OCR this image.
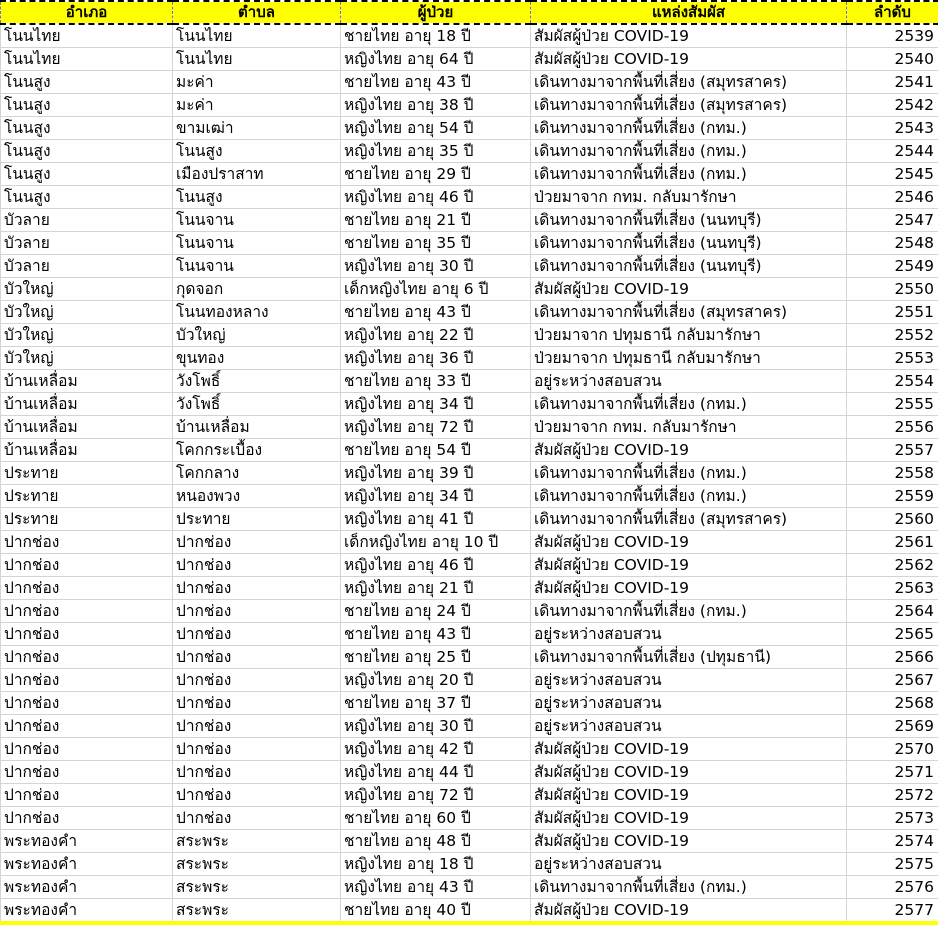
อำเภอ	ตำบล	ผู้ป่วย	แหล่งสัมผัส	ลำดับ
โนนไทย	โนนไทย	ชายไทย อายุ 18 ปี	สัมผัสผู้ป่วย COVID-19	2539
โนนไทย	โนนไทย	หญิงไทย อายุ 64 ปี	สัมผัสผู้ป่วย COVID-19	2540
โนนสูง	มะค่า	ชายไทย อายุ 43 ปี	เดินทางมาจากพื้นที่เสี่ยง (สมุทรสาคร)	2541
โนนสูง	มะค่า	หญิงไทย อายุ 38 ปี	เดินทางมาจากพื้นที่เสี่ยง (สมุทรสาคร)	2542
โนนสูง	ขามเฒ่า	หญิงไทย อายุ 54 ปี	เดินทางมาจากพื้นที่เสี่ยง (กทม.)	2543
โนนสูง	โนนสูง	หญิงไทย อายุ 35 ปี	เดินทางมาจากพื้นที่เสี่ยง (กทม.)	2544
โนนสูง	เมืองปราสาท	ชายไทย อายุ 29 ปี	เดินทางมาจากพื้นที่เสี่ยง (กทม.)	2545
โนนสูง	โนนสูง	หญิงไทย อายุ 46 ปี	ป่วยมาจาก กทม. กลับมารักษา	2546
บัวลาย	โนนจาน	ชายไทย อายุ 21 ปี	เดินทางมาจากพื้นที่เสี่ยง (นนทบุรี)	2547
บัวลาย	โนนจาน	ชายไทย อายุ 35 ปี	เดินทางมาจากพื้นที่เสี่ยง (นนทบุรี)	2548
บัวลาย	โนนจาน	หญิงไทย อายุ 30 ปี	เดินทางมาจากพื้นที่เสี่ยง (นนทบุรี)	2549
บัวใหญ่	กุดจอก	เด็กหญิงไทย อายุ 6 ปี	สัมผัสผู้ป่วย COVID-19	2550
บัวใหญ่	โนนทองหลาง	ชายไทย อายุ 43 ปี	เดินทางมาจากพื้นที่เสี่ยง (สมุทรสาคร)	2551
บัวใหญ่	บัวใหญ่	หญิงไทย อายุ 22 ปี	ป่วยมาจาก ปทุมธานี กลับมารักษา	2552
บัวใหญ่	ขุนทอง	หญิงไทย อายุ 36 ปี	ป่วยมาจาก ปทุมธานี กลับมารักษา	2553
บ้านเหลื่อม	วังโพธิ์	ชายไทย อายุ 33 ปี	อยู่ระหว่างสอบสวน	2554
บ้านเหลื่อม	วังโพธิ์	หญิงไทย อายุ 34 ปี	เดินทางมาจากพื้นที่เสี่ยง (กทม.)	2555
บ้านเหลื่อม	บ้านเหลื่อม	หญิงไทย อายุ 72 ปี	ป่วยมาจาก กทม. กลับมารักษา	2556
บ้านเหลื่อม	โคกกระเบื้อง	ชายไทย อายุ 54 ปี	สัมผัสผู้ป่วย COVID-19	2557
ประทาย	โคกกลาง	หญิงไทย อายุ 39 ปี	เดินทางมาจากพื้นที่เสี่ยง (กทม.)	2558
ประทาย	หนองพวง	หญิงไทย อายุ 34 ปี	เดินทางมาจากพื้นที่เสี่ยง (กทม.)	2559
ประทาย	ประทาย	หญิงไทย อายุ 41 ปี	เดินทางมาจากพื้นที่เสี่ยง (สมุทรสาคร)	2560
ปากช่อง	ปากช่อง	เด็กหญิงไทย อายุ 10 ปี	สัมผัสผู้ป่วย COVID-19	2561
ปากช่อง	ปากช่อง	หญิงไทย อายุ 46 ปี	สัมผัสผู้ป่วย COVID-19	2562
ปากช่อง	ปากช่อง	หญิงไทย อายุ 21 ปี	สัมผัสผู้ป่วย COVID-19	2563
ปากช่อง	ปากช่อง	ชายไทย อายุ 24 ปี	เดินทางมาจากพื้นที่เสี่ยง (กทม.)	2564
ปากช่อง	ปากช่อง	ชายไทย อายุ 43 ปี	อยู่ระหว่างสอบสวน	2565
ปากช่อง	ปากช่อง	ชายไทย อายุ 25 ปี	เดินทางมาจากพื้นที่เสี่ยง (ปทุมธานี)	2566
ปากช่อง	ปากช่อง	หญิงไทย อายุ 20 ปี	อยู่ระหว่างสอบสวน	2567
ปากช่อง	ปากช่อง	ชายไทย อายุ 37 ปี	อยู่ระหว่างสอบสวน	2568
ปากช่อง	ปากช่อง	หญิงไทย อายุ 30 ปี	อยู่ระหว่างสอบสวน	2569
ปากช่อง	ปากช่อง	หญิงไทย อายุ 42 ปี	สัมผัสผู้ป่วย COVID-19	2570
ปากช่อง	ปากช่อง	หญิงไทย อายุ 44 ปี	สัมผัสผู้ป่วย COVID-19	2571
ปากช่อง	ปากช่อง	หญิงไทย อายุ 72 ปี	สัมผัสผู้ป่วย COVID-19	2572
ปากช่อง	ปากช่อง	ชายไทย อายุ 60 ปี	สัมผัสผู้ป่วย COVID-19	2573
พระทองคำ	สระพระ	ชายไทย อายุ 48 ปี	สัมผัสผู้ป่วย COVID-19	2574
พระทองคำ	สระพระ	หญิงไทย อายุ 18 ปี	อยู่ระหว่างสอบสวน	2575
พระทองคำ	สระพระ	หญิงไทย อายุ 43 ปี	เดินทางมาจากพื้นที่เสี่ยง (กทม.)	2576
พระทองคำ	สระพระ	ชายไทย อายุ 40 ปี	สัมผัสผู้ป่วย COVID-19	2577
